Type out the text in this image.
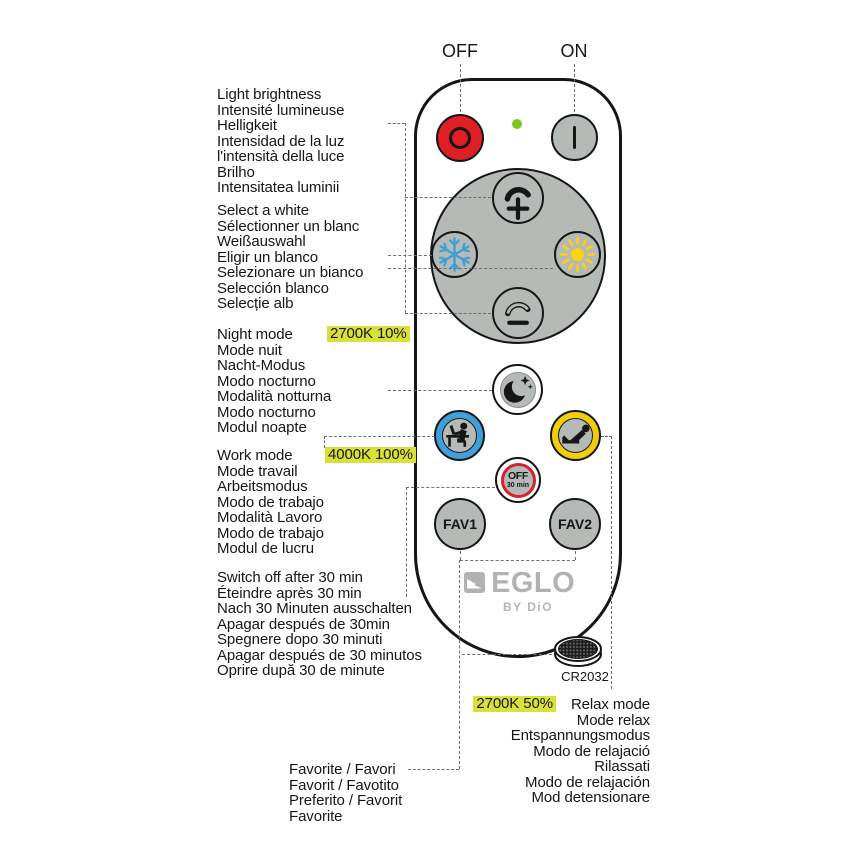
OFF
30 min
FAV1	FAV2
EGLO
BY DiO
CR2032
OFF	ON
Light brightness
Intensité lumineuse
Helligkeit
Intensidad de la luz
l'intensità della luce
Brilho
Intensitatea luminii
Select a white
Sélectionner un blanc
Weißauswahl
Eligir un blanco
Selezionare un bianco
Selección blanco
Selecție alb
Night mode 2700K 10%
Mode nuit
Nacht-Modus
Modo nocturno
Modalità notturna
Modo nocturno
Modul noapte
Work mode 4000K 100%
Mode travail
Arbeitsmodus
Modo de trabajo
Modalità Lavoro
Modo de trabajo
Modul de lucru
Switch off after 30 min
Éteindre après 30 min
Nach 30 Minuten ausschalten
Apagar después de 30min
Spegnere dopo 30 minuti
Apagar después de 30 minutos
Oprire după 30 de minute
Favorite / Favori
Favorit / Favotito
Preferito / Favorit
Favorite
2700K 50% Relax mode
Mode relax
Entspannungsmodus
Modo de relajació
Rilassati
Modo de relajación
Mod detensionare
